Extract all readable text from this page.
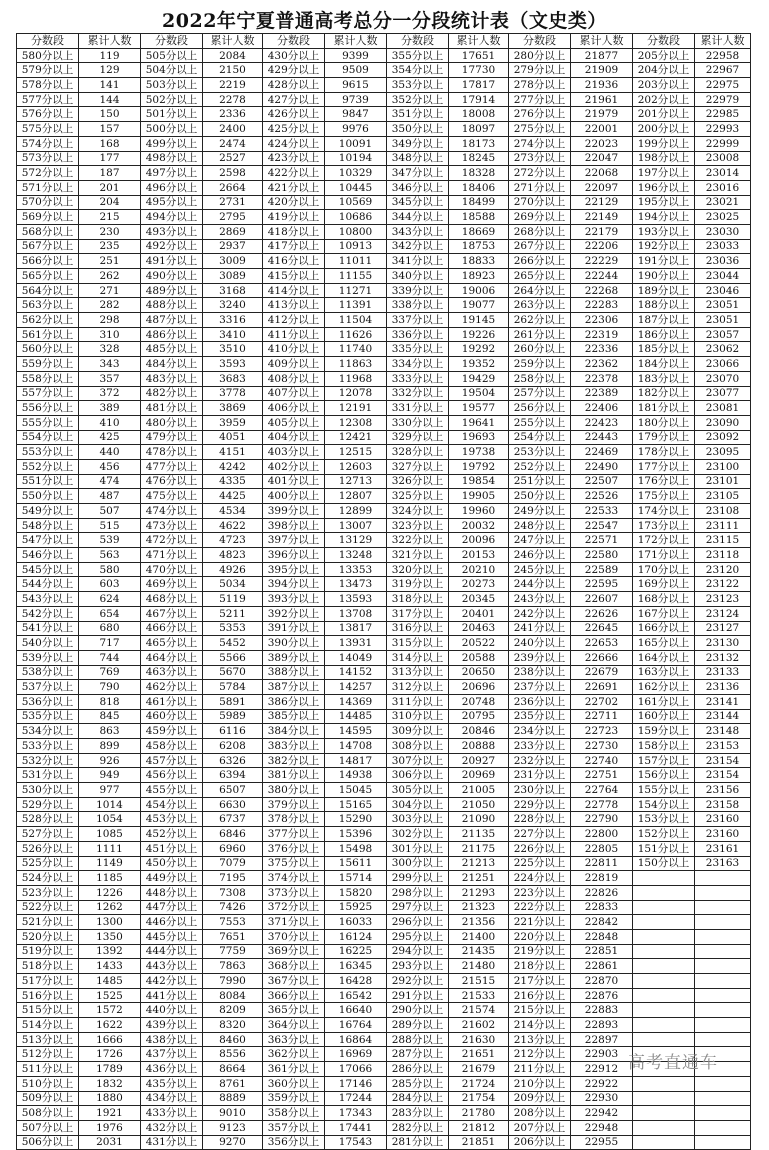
2022年宁夏普通高考总分一分段统计表（文史类）
分数段	累计人数	分数段	累计人数	分数段	累计人数	分数段	累计人数	分数段	累计人数	分数段	累计人数
580分以上	119	505分以上	2084	430分以上	9399	355分以上	17651	280分以上	21877	205分以上	22958
579分以上	129	504分以上	2150	429分以上	9509	354分以上	17730	279分以上	21909	204分以上	22967
578分以上	141	503分以上	2219	428分以上	9615	353分以上	17817	278分以上	21936	203分以上	22975
577分以上	144	502分以上	2278	427分以上	9739	352分以上	17914	277分以上	21961	202分以上	22979
576分以上	150	501分以上	2336	426分以上	9847	351分以上	18008	276分以上	21979	201分以上	22985
575分以上	157	500分以上	2400	425分以上	9976	350分以上	18097	275分以上	22001	200分以上	22993
574分以上	168	499分以上	2474	424分以上	10091	349分以上	18173	274分以上	22023	199分以上	22999
573分以上	177	498分以上	2527	423分以上	10194	348分以上	18245	273分以上	22047	198分以上	23008
572分以上	187	497分以上	2598	422分以上	10329	347分以上	18328	272分以上	22068	197分以上	23014
571分以上	201	496分以上	2664	421分以上	10445	346分以上	18406	271分以上	22097	196分以上	23016
570分以上	204	495分以上	2731	420分以上	10569	345分以上	18499	270分以上	22129	195分以上	23021
569分以上	215	494分以上	2795	419分以上	10686	344分以上	18588	269分以上	22149	194分以上	23025
568分以上	230	493分以上	2869	418分以上	10800	343分以上	18669	268分以上	22179	193分以上	23030
567分以上	235	492分以上	2937	417分以上	10913	342分以上	18753	267分以上	22206	192分以上	23033
566分以上	251	491分以上	3009	416分以上	11011	341分以上	18833	266分以上	22229	191分以上	23036
565分以上	262	490分以上	3089	415分以上	11155	340分以上	18923	265分以上	22244	190分以上	23044
564分以上	271	489分以上	3168	414分以上	11271	339分以上	19006	264分以上	22268	189分以上	23046
563分以上	282	488分以上	3240	413分以上	11391	338分以上	19077	263分以上	22283	188分以上	23051
562分以上	298	487分以上	3316	412分以上	11504	337分以上	19145	262分以上	22306	187分以上	23051
561分以上	310	486分以上	3410	411分以上	11626	336分以上	19226	261分以上	22319	186分以上	23057
560分以上	328	485分以上	3510	410分以上	11740	335分以上	19292	260分以上	22336	185分以上	23062
559分以上	343	484分以上	3593	409分以上	11863	334分以上	19352	259分以上	22362	184分以上	23066
558分以上	357	483分以上	3683	408分以上	11968	333分以上	19429	258分以上	22378	183分以上	23070
557分以上	372	482分以上	3778	407分以上	12078	332分以上	19504	257分以上	22389	182分以上	23077
556分以上	389	481分以上	3869	406分以上	12191	331分以上	19577	256分以上	22406	181分以上	23081
555分以上	410	480分以上	3959	405分以上	12308	330分以上	19641	255分以上	22423	180分以上	23090
554分以上	425	479分以上	4051	404分以上	12421	329分以上	19693	254分以上	22443	179分以上	23092
553分以上	440	478分以上	4151	403分以上	12515	328分以上	19738	253分以上	22469	178分以上	23095
552分以上	456	477分以上	4242	402分以上	12603	327分以上	19792	252分以上	22490	177分以上	23100
551分以上	474	476分以上	4335	401分以上	12713	326分以上	19854	251分以上	22507	176分以上	23101
550分以上	487	475分以上	4425	400分以上	12807	325分以上	19905	250分以上	22526	175分以上	23105
549分以上	507	474分以上	4534	399分以上	12899	324分以上	19960	249分以上	22533	174分以上	23108
548分以上	515	473分以上	4622	398分以上	13007	323分以上	20032	248分以上	22547	173分以上	23111
547分以上	539	472分以上	4723	397分以上	13129	322分以上	20096	247分以上	22571	172分以上	23115
546分以上	563	471分以上	4823	396分以上	13248	321分以上	20153	246分以上	22580	171分以上	23118
545分以上	580	470分以上	4926	395分以上	13353	320分以上	20210	245分以上	22589	170分以上	23120
544分以上	603	469分以上	5034	394分以上	13473	319分以上	20273	244分以上	22595	169分以上	23122
543分以上	624	468分以上	5119	393分以上	13593	318分以上	20345	243分以上	22607	168分以上	23123
542分以上	654	467分以上	5211	392分以上	13708	317分以上	20401	242分以上	22626	167分以上	23124
541分以上	680	466分以上	5353	391分以上	13817	316分以上	20463	241分以上	22645	166分以上	23127
540分以上	717	465分以上	5452	390分以上	13931	315分以上	20522	240分以上	22653	165分以上	23130
539分以上	744	464分以上	5566	389分以上	14049	314分以上	20588	239分以上	22666	164分以上	23132
538分以上	769	463分以上	5670	388分以上	14152	313分以上	20650	238分以上	22679	163分以上	23133
537分以上	790	462分以上	5784	387分以上	14257	312分以上	20696	237分以上	22691	162分以上	23136
536分以上	818	461分以上	5891	386分以上	14369	311分以上	20748	236分以上	22702	161分以上	23141
535分以上	845	460分以上	5989	385分以上	14485	310分以上	20795	235分以上	22711	160分以上	23144
534分以上	863	459分以上	6116	384分以上	14595	309分以上	20846	234分以上	22723	159分以上	23148
533分以上	899	458分以上	6208	383分以上	14708	308分以上	20888	233分以上	22730	158分以上	23153
532分以上	926	457分以上	6326	382分以上	14817	307分以上	20927	232分以上	22740	157分以上	23154
531分以上	949	456分以上	6394	381分以上	14938	306分以上	20969	231分以上	22751	156分以上	23154
530分以上	977	455分以上	6507	380分以上	15045	305分以上	21005	230分以上	22764	155分以上	23156
529分以上	1014	454分以上	6630	379分以上	15165	304分以上	21050	229分以上	22778	154分以上	23158
528分以上	1054	453分以上	6737	378分以上	15290	303分以上	21090	228分以上	22790	153分以上	23160
527分以上	1085	452分以上	6846	377分以上	15396	302分以上	21135	227分以上	22800	152分以上	23160
526分以上	1111	451分以上	6960	376分以上	15498	301分以上	21175	226分以上	22805	151分以上	23161
525分以上	1149	450分以上	7079	375分以上	15611	300分以上	21213	225分以上	22811	150分以上	23163
524分以上	1185	449分以上	7195	374分以上	15714	299分以上	21251	224分以上	22819		
523分以上	1226	448分以上	7308	373分以上	15820	298分以上	21293	223分以上	22826		
522分以上	1262	447分以上	7426	372分以上	15925	297分以上	21323	222分以上	22833		
521分以上	1300	446分以上	7553	371分以上	16033	296分以上	21356	221分以上	22842		
520分以上	1350	445分以上	7651	370分以上	16124	295分以上	21400	220分以上	22848		
519分以上	1392	444分以上	7759	369分以上	16225	294分以上	21435	219分以上	22851		
518分以上	1433	443分以上	7863	368分以上	16345	293分以上	21480	218分以上	22861		
517分以上	1485	442分以上	7990	367分以上	16428	292分以上	21515	217分以上	22870		
516分以上	1525	441分以上	8084	366分以上	16542	291分以上	21533	216分以上	22876		
515分以上	1572	440分以上	8209	365分以上	16640	290分以上	21574	215分以上	22883		
514分以上	1622	439分以上	8320	364分以上	16764	289分以上	21602	214分以上	22893		
513分以上	1666	438分以上	8460	363分以上	16864	288分以上	21630	213分以上	22897		
512分以上	1726	437分以上	8556	362分以上	16969	287分以上	21651	212分以上	22903		
511分以上	1789	436分以上	8664	361分以上	17066	286分以上	21679	211分以上	22912		
510分以上	1832	435分以上	8761	360分以上	17146	285分以上	21724	210分以上	22922		
509分以上	1880	434分以上	8889	359分以上	17244	284分以上	21754	209分以上	22930		
508分以上	1921	433分以上	9010	358分以上	17343	283分以上	21780	208分以上	22942		
507分以上	1976	432分以上	9123	357分以上	17441	282分以上	21812	207分以上	22948		
506分以上	2031	431分以上	9270	356分以上	17543	281分以上	21851	206分以上	22955		
高考直通车
